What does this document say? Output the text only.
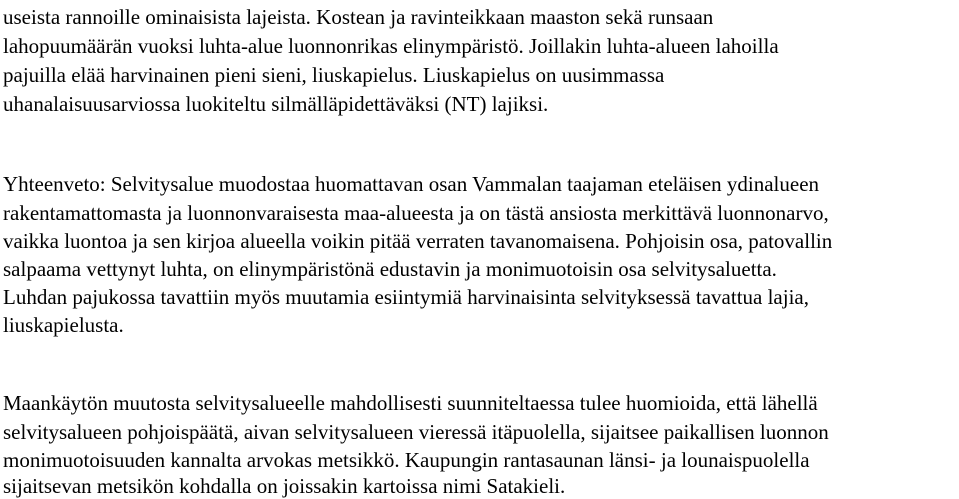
useista rannoille ominaisista lajeista. Kostean ja ravinteikkaan maaston sekä runsaan
lahopuumäärän vuoksi luhta-alue luonnonrikas elinympäristö. Joillakin luhta-alueen lahoilla
pajuilla elää harvinainen pieni sieni, liuskapielus. Liuskapielus on uusimmassa
uhanalaisuusarviossa luokiteltu silmälläpidettäväksi (NT) lajiksi.
Yhteenveto: Selvitysalue muodostaa huomattavan osan Vammalan taajaman eteläisen ydinalueen
rakentamattomasta ja luonnonvaraisesta maa-alueesta ja on tästä ansiosta merkittävä luonnonarvo,
vaikka luontoa ja sen kirjoa alueella voikin pitää verraten tavanomaisena. Pohjoisin osa, patovallin
salpaama vettynyt luhta, on elinympäristönä edustavin ja monimuotoisin osa selvitysaluetta.
Luhdan pajukossa tavattiin myös muutamia esiintymiä harvinaisinta selvityksessä tavattua lajia,
liuskapielusta.
Maankäytön muutosta selvitysalueelle mahdollisesti suunniteltaessa tulee huomioida, että lähellä
selvitysalueen pohjoispäätä, aivan selvitysalueen vieressä itäpuolella, sijaitsee paikallisen luonnon
monimuotoisuuden kannalta arvokas metsikkö. Kaupungin rantasaunan länsi- ja lounaispuolella
sijaitsevan metsikön kohdalla on joissakin kartoissa nimi Satakieli.
